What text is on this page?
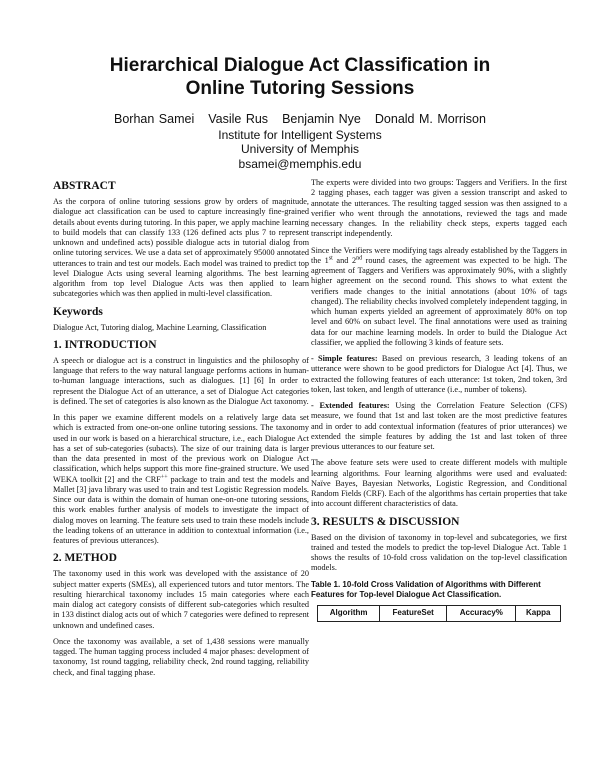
Hierarchical Dialogue Act Classification in
Online Tutoring Sessions
Borhan Samei Vasile Rus Benjamin Nye Donald M. Morrison
Institute for Intelligent Systems
University of Memphis
bsamei@memphis.edu
ABSTRACT

As the corpora of online tutoring sessions grow by orders of magnitude, dialogue act classification can be used to capture increasingly fine-grained details about events during tutoring. In this paper, we apply machine learning to build models that can classify 133 (126 defined acts plus 7 to represent unknown and undefined acts) possible dialogue acts in tutorial dialog from online tutoring services. We use a data set of approximately 95000 annotated utterances to train and test our models. Each model was trained to predict top level Dialogue Acts using several learning algorithms. The best learning algorithm from top level Dialogue Acts was then applied to learn subcategories which was then applied in multi-level classification.

Keywords

Dialogue Act, Tutoring dialog, Machine Learning, Classification

1. INTRODUCTION

A speech or dialogue act is a construct in linguistics and the philosophy of language that refers to the way natural language performs actions in human-to-human language interactions, such as dialogues. [1] [6] In order to represent the Dialogue Act of an utterance, a set of Dialogue Act categories is defined. The set of categories is also known as the Dialogue Act taxonomy.

In this paper we examine different models on a relatively large data set which is extracted from one-on-one online tutoring sessions. The taxonomy used in our work is based on a hierarchical structure, i.e., each Dialogue Act has a set of sub-categories (subacts). The size of our training data is larger than the data presented in most of the previous work on Dialogue Act classification, which helps support this more fine-grained structure. We used WEKA toolkit [2] and the CRF++ package to train and test the models and Mallet [3] java library was used to train and test Logistic Regression models. Since our data is within the domain of human one-on-one tutoring sessions, this work enables further analysis of models to investigate the impact of dialog moves on learning. The feature sets used to train these models include the leading tokens of an utterance in addition to contextual information (i.e., features of previous utterances).

2. METHOD

The taxonomy used in this work was developed with the assistance of 20 subject matter experts (SMEs), all experienced tutors and tutor mentors. The resulting hierarchical taxonomy includes 15 main categories where each main dialog act category consists of different sub-categories which resulted in 133 distinct dialog acts out of which 7 categories were defined to represent unknown and undefined cases.

Once the taxonomy was available, a set of 1,438 sessions were manually tagged. The human tagging process included 4 major phases: development of taxonomy, 1st round tagging, reliability check, 2nd round tagging, reliability check, and final tagging phase.

The experts were divided into two groups: Taggers and Verifiers. In the first 2 tagging phases, each tagger was given a session transcript and asked to annotate the utterances. The resulting tagged session was then assigned to a verifier who went through the annotations, reviewed the tags and made necessary changes. In the reliability check steps, experts tagged each transcript independently.

Since the Verifiers were modifying tags already established by the Taggers in the 1st and 2nd round cases, the agreement was expected to be high. The agreement of Taggers and Verifiers was approximately 90%, with a slightly higher agreement on the second round. This shows to what extent the verifiers made changes to the initial annotations (about 10% of tags changed). The reliability checks involved completely independent tagging, in which human experts yielded an agreement of approximately 80% on top level and 60% on subact level. The final annotations were used as training data for our machine learning models. In order to build the Dialogue Act classifier, we applied the following 3 kinds of feature sets.

- Simple features: Based on previous research, 3 leading tokens of an utterance were shown to be good predictors for Dialogue Act [4]. Thus, we extracted the following features of each utterance: 1st token, 2nd token, 3rd token, last token, and length of utterance (i.e., number of tokens).

- Extended features: Using the Correlation Feature Selection (CFS) measure, we found that 1st and last token are the most predictive features and in order to add contextual information (features of prior utterances) we extended the simple features by adding the 1st and last token of three previous utterances to our feature set.

The above feature sets were used to create different models with multiple learning algorithms. Four learning algorithms were used and evaluated: Naïve Bayes, Bayesian Networks, Logistic Regression, and Conditional Random Fields (CRF). Each of the algorithms has certain properties that take into account different characteristics of data.

3. RESULTS & DISCUSSION

Based on the division of taxonomy in top-level and subcategories, we first trained and tested the models to predict the top-level Dialogue Act. Table 1 shows the results of 10-fold cross validation on the top-level classification models.

Table 1. 10-fold Cross Validation of Algorithms with Different Features for Top-level Dialogue Act Classification.
Algorithm	FeatureSet	Accuracy%	Kappa
